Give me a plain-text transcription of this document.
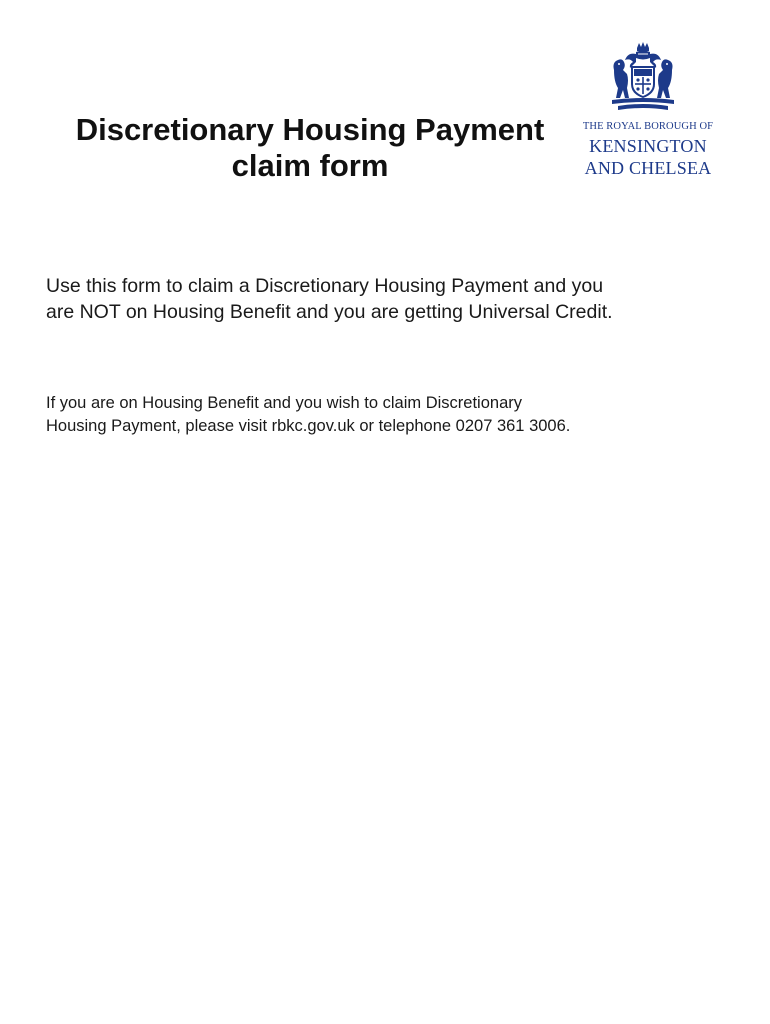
Discretionary Housing Payment
claim form
THE ROYAL BOROUGH OF
KENSINGTON
AND CHELSEA

Use this form to claim a Discretionary Housing Payment and you
are NOT on Housing Benefit and you are getting Universal Credit.

If you are on Housing Benefit and you wish to claim Discretionary
Housing Payment, please visit rbkc.gov.uk or telephone 0207 361 3006.
